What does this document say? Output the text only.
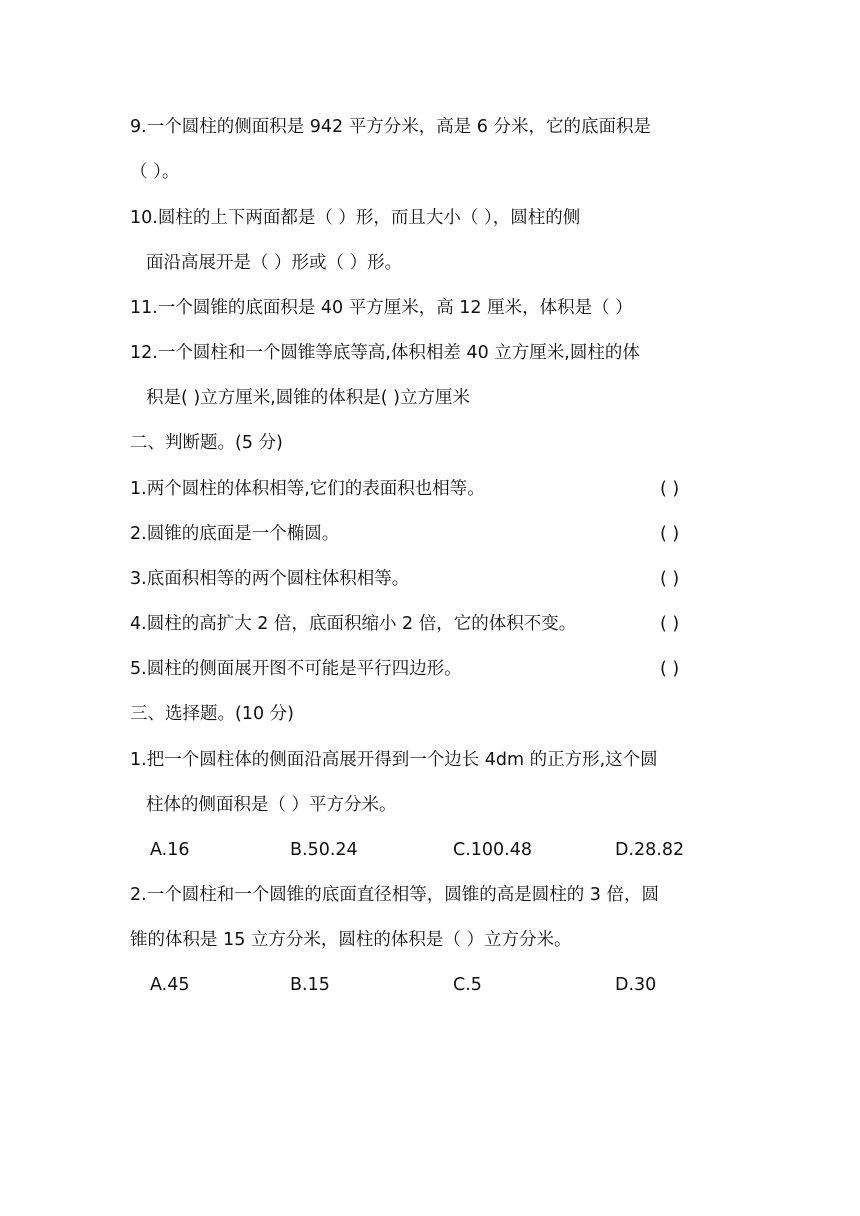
9.一个圆柱的侧面积是 942 平方分米，高是 6 分米，它的底面积是
（ ）。
10.圆柱的上下两面都是（ ）形，而且大小（ ），圆柱的侧
面沿高展开是（ ）形或（ ）形。
11.一个圆锥的底面积是 40 平方厘米，高 12 厘米，体积是（ ）
12.一个圆柱和一个圆锥等底等高,体积相差 40 立方厘米,圆柱的体
积是( )立方厘米,圆锥的体积是( )立方厘米
二、判断题。(5 分)
1.两个圆柱的体积相等,它们的表面积也相等。	( )
2.圆锥的底面是一个椭圆。	( )
3.底面积相等的两个圆柱体积相等。	( )
4.圆柱的高扩大 2 倍，底面积缩小 2 倍，它的体积不变。	( )
5.圆柱的侧面展开图不可能是平行四边形。	( )
三、选择题。(10 分)
1.把一个圆柱体的侧面沿高展开得到一个边长 4dm 的正方形,这个圆
柱体的侧面积是（ ）平方分米。
A.16	B.50.24	C.100.48	D.28.82
2.一个圆柱和一个圆锥的底面直径相等，圆锥的高是圆柱的 3 倍，圆
锥的体积是 15 立方分米，圆柱的体积是（ ）立方分米。
A.45	B.15	C.5	D.30
